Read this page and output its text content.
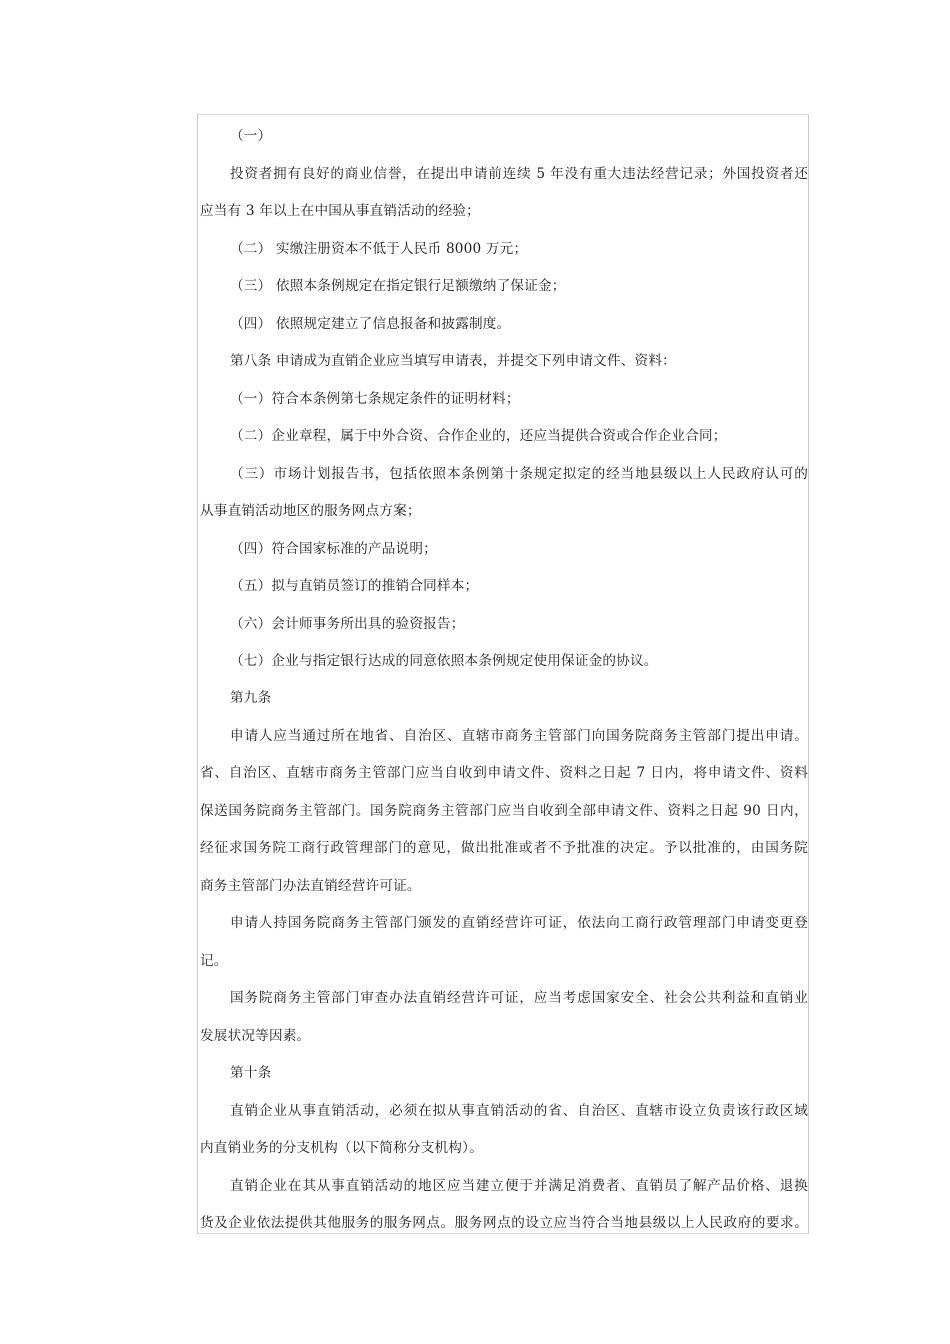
（一）
投资者拥有良好的商业信誉，在提出申请前连续 5 年没有重大违法经营记录；外国投资者还
应当有 3 年以上在中国从事直销活动的经验；
（二） 实缴注册资本不低于人民币 8000 万元；
（三） 依照本条例规定在指定银行足额缴纳了保证金；
（四） 依照规定建立了信息报备和披露制度。
第八条 申请成为直销企业应当填写申请表，并提交下列申请文件、资料：
（一）符合本条例第七条规定条件的证明材料；
（二）企业章程，属于中外合资、合作企业的，还应当提供合资或合作企业合同；
（三）市场计划报告书，包括依照本条例第十条规定拟定的经当地县级以上人民政府认可的
从事直销活动地区的服务网点方案；
（四）符合国家标准的产品说明；
（五）拟与直销员签订的推销合同样本；
（六）会计师事务所出具的验资报告；
（七）企业与指定银行达成的同意依照本条例规定使用保证金的协议。
第九条
申请人应当通过所在地省、自治区、直辖市商务主管部门向国务院商务主管部门提出申请。
省、自治区、直辖市商务主管部门应当自收到申请文件、资料之日起 7 日内，将申请文件、资料
保送国务院商务主管部门。国务院商务主管部门应当自收到全部申请文件、资料之日起 90 日内，
经征求国务院工商行政管理部门的意见，做出批准或者不予批准的决定。予以批准的，由国务院
商务主管部门办法直销经营许可证。
申请人持国务院商务主管部门颁发的直销经营许可证，依法向工商行政管理部门申请变更登
记。
国务院商务主管部门审查办法直销经营许可证，应当考虑国家安全、社会公共利益和直销业
发展状况等因素。
第十条
直销企业从事直销活动，必须在拟从事直销活动的省、自治区、直辖市设立负责该行政区域
内直销业务的分支机构（以下简称分支机构）。
直销企业在其从事直销活动的地区应当建立便于并满足消费者、直销员了解产品价格、退换
货及企业依法提供其他服务的服务网点。服务网点的设立应当符合当地县级以上人民政府的要求。
